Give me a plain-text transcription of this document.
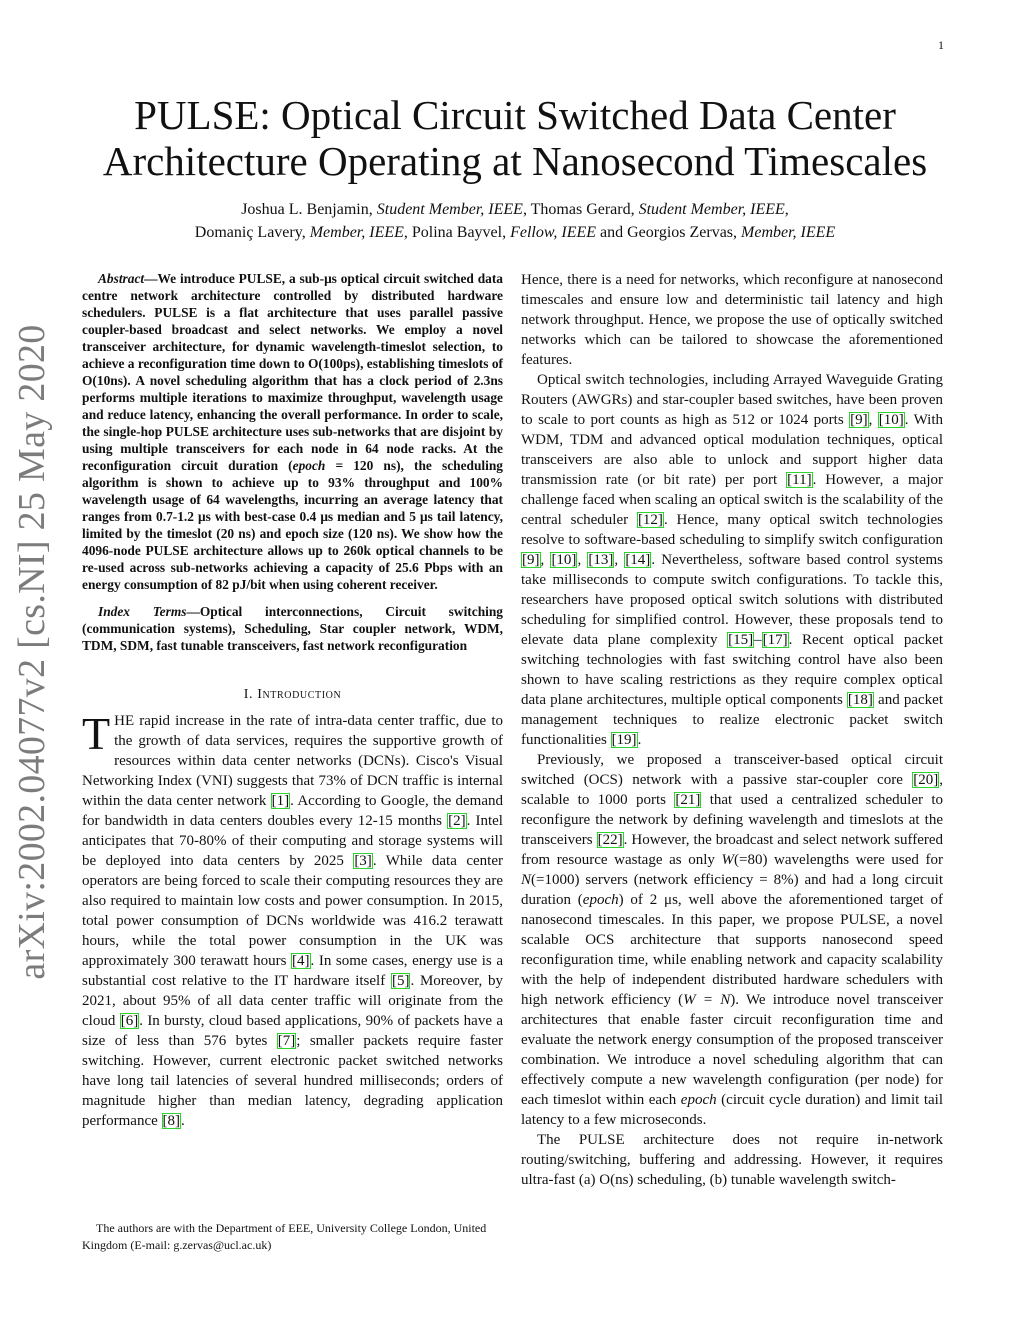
1
arXiv:2002.04077v2 [cs.NI] 25 May 2020
PULSE: Optical Circuit Switched Data Center
Architecture Operating at Nanosecond Timescales
Joshua L. Benjamin, Student Member, IEEE, Thomas Gerard, Student Member, IEEE,
Domaniç Lavery, Member, IEEE, Polina Bayvel, Fellow, IEEE and Georgios Zervas, Member, IEEE

Abstract—We introduce PULSE, a sub-μs optical circuit switched data centre network architecture controlled by distributed hardware schedulers. PULSE is a flat architecture that uses parallel passive coupler-based broadcast and select networks. We employ a novel transceiver architecture, for dynamic wavelength-timeslot selection, to achieve a reconfiguration time down to O(100ps), establishing timeslots of O(10ns). A novel scheduling algorithm that has a clock period of 2.3ns performs multiple iterations to maximize throughput, wavelength usage and reduce latency, enhancing the overall performance. In order to scale, the single-hop PULSE architecture uses sub-networks that are disjoint by using multiple transceivers for each node in 64 node racks. At the reconfiguration circuit duration (epoch = 120 ns), the scheduling algorithm is shown to achieve up to 93% throughput and 100% wavelength usage of 64 wavelengths, incurring an average latency that ranges from 0.7-1.2 μs with best-case 0.4 μs median and 5 μs tail latency, limited by the timeslot (20 ns) and epoch size (120 ns). We show how the 4096-node PULSE architecture allows up to 260k optical channels to be re-used across sub-networks achieving a capacity of 25.6 Pbps with an energy consumption of 82 pJ/bit when using coherent receiver.

Index Terms—Optical interconnections, Circuit switching (communication systems), Scheduling, Star coupler network, WDM, TDM, SDM, fast tunable transceivers, fast network reconfiguration

I. Introduction

THE rapid increase in the rate of intra-data center traffic, due to the growth of data services, requires the supportive growth of resources within data center networks (DCNs). Cisco's Visual Networking Index (VNI) suggests that 73% of DCN traffic is internal within the data center network [1]. According to Google, the demand for bandwidth in data centers doubles every 12-15 months [2]. Intel anticipates that 70-80% of their computing and storage systems will be deployed into data centers by 2025 [3]. While data center operators are being forced to scale their computing resources they are also required to maintain low costs and power consumption. In 2015, total power consumption of DCNs worldwide was 416.2 terawatt hours, while the total power consumption in the UK was approximately 300 terawatt hours [4]. In some cases, energy use is a substantial cost relative to the IT hardware itself [5]. Moreover, by 2021, about 95% of all data center traffic will originate from the cloud [6]. In bursty, cloud based applications, 90% of packets have a size of less than 576 bytes [7]; smaller packets require faster switching. However, current electronic packet switched networks have long tail latencies of several hundred milliseconds; orders of magnitude higher than median latency, degrading application performance [8].

The authors are with the Department of EEE, University College London, United Kingdom (E-mail: g.zervas@ucl.ac.uk)

Hence, there is a need for networks, which reconfigure at nanosecond timescales and ensure low and deterministic tail latency and high network throughput. Hence, we propose the use of optically switched networks which can be tailored to showcase the aforementioned features.

Optical switch technologies, including Arrayed Waveguide Grating Routers (AWGRs) and star-coupler based switches, have been proven to scale to port counts as high as 512 or 1024 ports [9], [10]. With WDM, TDM and advanced optical modulation techniques, optical transceivers are also able to unlock and support higher data transmission rate (or bit rate) per port [11]. However, a major challenge faced when scaling an optical switch is the scalability of the central scheduler [12]. Hence, many optical switch technologies resolve to software-based scheduling to simplify switch configuration [9], [10], [13], [14]. Nevertheless, software based control systems take milliseconds to compute switch configurations. To tackle this, researchers have proposed optical switch solutions with distributed scheduling for simplified control. However, these proposals tend to elevate data plane complexity [15]–[17]. Recent optical packet switching technologies with fast switching control have also been shown to have scaling restrictions as they require complex optical data plane architectures, multiple optical components [18] and packet management techniques to realize electronic packet switch functionalities [19].

Previously, we proposed a transceiver-based optical circuit switched (OCS) network with a passive star-coupler core [20], scalable to 1000 ports [21] that used a centralized scheduler to reconfigure the network by defining wavelength and timeslots at the transceivers [22]. However, the broadcast and select network suffered from resource wastage as only W(=80) wavelengths were used for N(=1000) servers (network efficiency = 8%) and had a long circuit duration (epoch) of 2 μs, well above the aforementioned target of nanosecond timescales. In this paper, we propose PULSE, a novel scalable OCS architecture that supports nanosecond speed reconfiguration time, while enabling network and capacity scalability with the help of independent distributed hardware schedulers with high network efficiency (W = N). We introduce novel transceiver architectures that enable faster circuit reconfiguration time and evaluate the network energy consumption of the proposed transceiver combination. We introduce a novel scheduling algorithm that can effectively compute a new wavelength configuration (per node) for each timeslot within each epoch (circuit cycle duration) and limit tail latency to a few microseconds.

The PULSE architecture does not require in-network routing/switching, buffering and addressing. However, it requires ultra-fast (a) O(ns) scheduling, (b) tunable wavelength switch-
